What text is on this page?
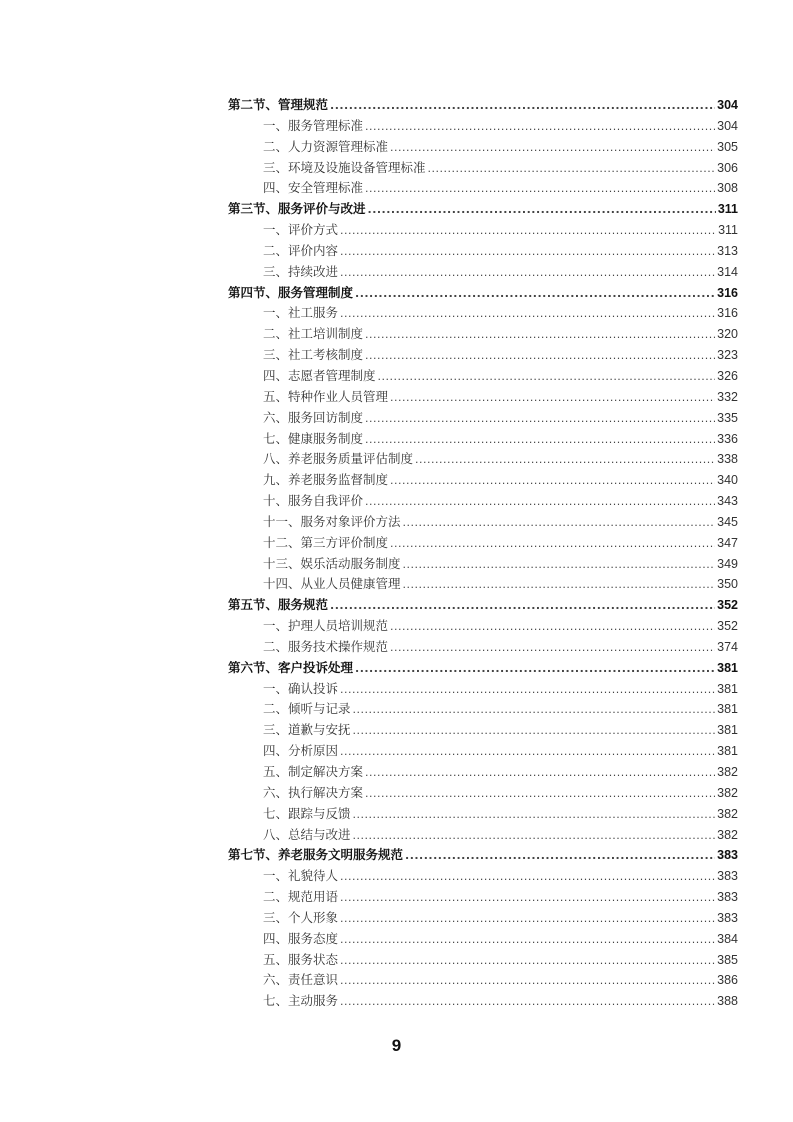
第二节、管理规范 .....	304
一、服务管理标准 .....	304
二、人力资源管理标准 .....	305
三、环境及设施设备管理标准 .....	306
四、安全管理标准 .....	308
第三节、服务评价与改进 .....	311
一、评价方式 .....	311
二、评价内容 .....	313
三、持续改进 .....	314
第四节、服务管理制度 .....	316
一、社工服务 .....	316
二、社工培训制度 .....	320
三、社工考核制度 .....	323
四、志愿者管理制度 .....	326
五、特种作业人员管理 .....	332
六、服务回访制度 .....	335
七、健康服务制度 .....	336
八、养老服务质量评估制度 .....	338
九、养老服务监督制度 .....	340
十、服务自我评价 .....	343
十一、服务对象评价方法 .....	345
十二、第三方评价制度 .....	347
十三、娱乐活动服务制度 .....	349
十四、从业人员健康管理 .....	350
第五节、服务规范 .....	352
一、护理人员培训规范 .....	352
二、服务技术操作规范 .....	374
第六节、客户投诉处理 .....	381
一、确认投诉 .....	381
二、倾听与记录 .....	381
三、道歉与安抚 .....	381
四、分析原因 .....	381
五、制定解决方案 .....	382
六、执行解决方案 .....	382
七、跟踪与反馈 .....	382
八、总结与改进 .....	382
第七节、养老服务文明服务规范 .....	383
一、礼貌待人 .....	383
二、规范用语 .....	383
三、个人形象 .....	383
四、服务态度 .....	384
五、服务状态 .....	385
六、责任意识 .....	386
七、主动服务 .....	388
9
